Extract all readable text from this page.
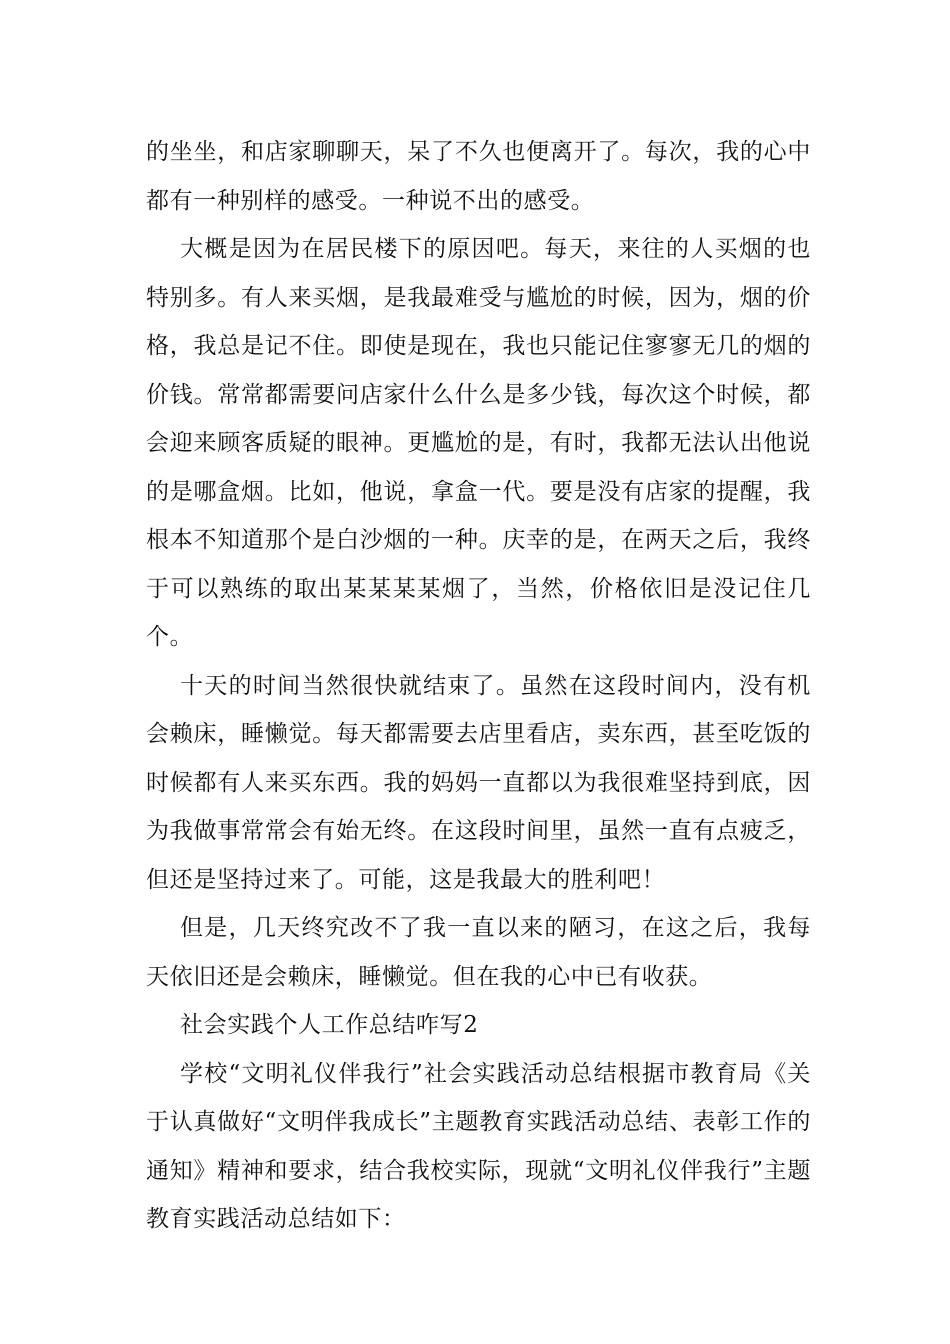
的坐坐，和店家聊聊天，呆了不久也便离开了。每次，我的心中都有一种别样的感受。一种说不出的感受。

大概是因为在居民楼下的原因吧。每天，来往的人买烟的也特别多。有人来买烟，是我最难受与尴尬的时候，因为，烟的价格，我总是记不住。即使是现在，我也只能记住寥寥无几的烟的价钱。常常都需要问店家什么什么是多少钱，每次这个时候，都会迎来顾客质疑的眼神。更尴尬的是，有时，我都无法认出他说的是哪盒烟。比如，他说，拿盒一代。要是没有店家的提醒，我根本不知道那个是白沙烟的一种。庆幸的是，在两天之后，我终于可以熟练的取出某某某某烟了，当然，价格依旧是没记住几个。

十天的时间当然很快就结束了。虽然在这段时间内，没有机会赖床，睡懒觉。每天都需要去店里看店，卖东西，甚至吃饭的时候都有人来买东西。我的妈妈一直都以为我很难坚持到底，因为我做事常常会有始无终。在这段时间里，虽然一直有点疲乏，但还是坚持过来了。可能，这是我最大的胜利吧！

但是，几天终究改不了我一直以来的陋习，在这之后，我每天依旧还是会赖床，睡懒觉。但在我的心中已有收获。

社会实践个人工作总结咋写2

学校“文明礼仪伴我行”社会实践活动总结根据市教育局《关于认真做好“文明伴我成长”主题教育实践活动总结、表彰工作的通知》精神和要求，结合我校实际，现就“文明礼仪伴我行”主题教育实践活动总结如下：
